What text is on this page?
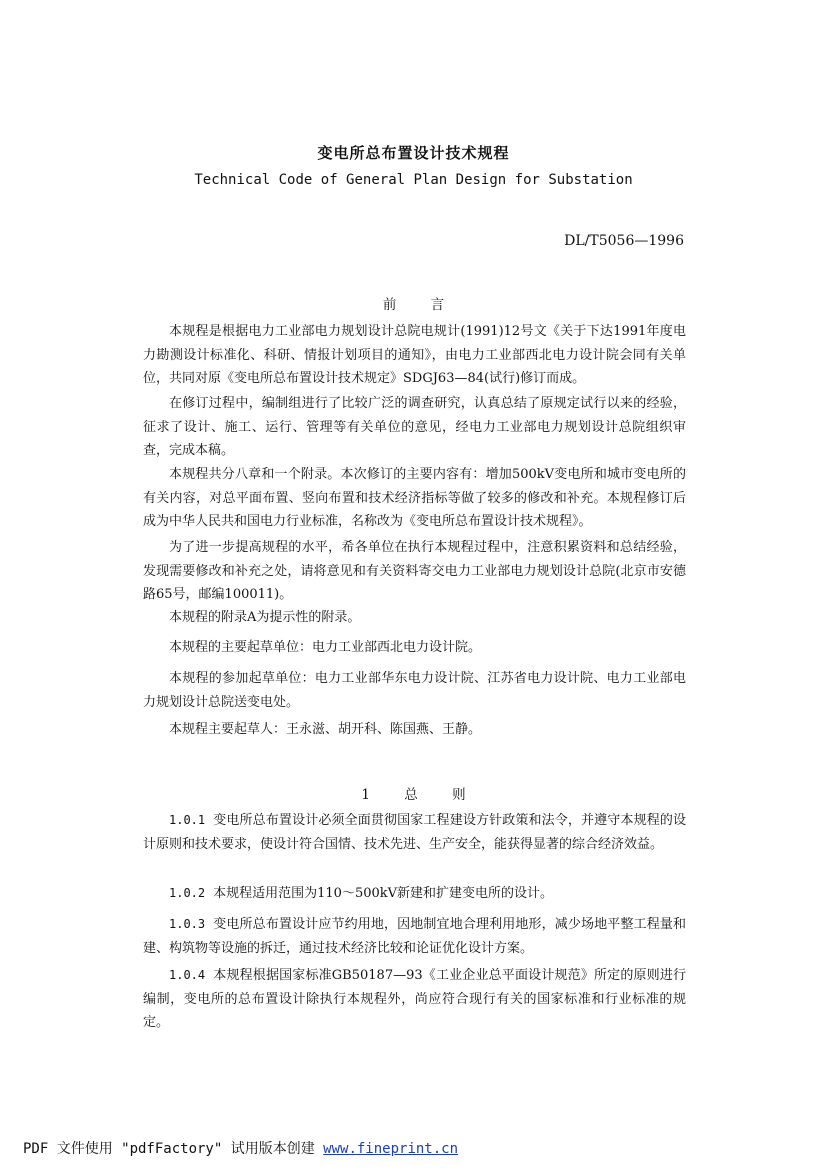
变电所总布置设计技术规程
Technical Code of General Plan Design for Substation
DL/T5056—1996
前 言

本规程是根据电力工业部电力规划设计总院电规计(1991)12号文《关于下达1991年度电力勘测设计标准化、科研、情报计划项目的通知》，由电力工业部西北电力设计院会同有关单位，共同对原《变电所总布置设计技术规定》SDGJ63—84(试行)修订而成。

在修订过程中，编制组进行了比较广泛的调查研究，认真总结了原规定试行以来的经验，征求了设计、施工、运行、管理等有关单位的意见，经电力工业部电力规划设计总院组织审查，完成本稿。

本规程共分八章和一个附录。本次修订的主要内容有：增加500kV变电所和城市变电所的有关内容，对总平面布置、竖向布置和技术经济指标等做了较多的修改和补充。本规程修订后成为中华人民共和国电力行业标准，名称改为《变电所总布置设计技术规程》。

为了进一步提高规程的水平，希各单位在执行本规程过程中，注意积累资料和总结经验，发现需要修改和补充之处，请将意见和有关资料寄交电力工业部电力规划设计总院(北京市安德路65号，邮编100011)。

本规程的附录A为提示性的附录。

本规程的主要起草单位：电力工业部西北电力设计院。

本规程的参加起草单位：电力工业部华东电力设计院、江苏省电力设计院、电力工业部电力规划设计总院送变电处。

本规程主要起草人：王永滋、胡开科、陈国燕、王静。

1 总 则

1.0.1 变电所总布置设计必须全面贯彻国家工程建设方针政策和法令，并遵守本规程的设计原则和技术要求，使设计符合国情、技术先进、生产安全，能获得显著的综合经济效益。

1.0.2 本规程适用范围为110～500kV新建和扩建变电所的设计。

1.0.3 变电所总布置设计应节约用地，因地制宜地合理利用地形，减少场地平整工程量和建、构筑物等设施的拆迁，通过技术经济比较和论证优化设计方案。

1.0.4 本规程根据国家标准GB50187—93《工业企业总平面设计规范》所定的原则进行编制，变电所的总布置设计除执行本规程外，尚应符合现行有关的国家标准和行业标准的规定。

PDF 文件使用 "pdfFactory" 试用版本创建 www.fineprint.cn
